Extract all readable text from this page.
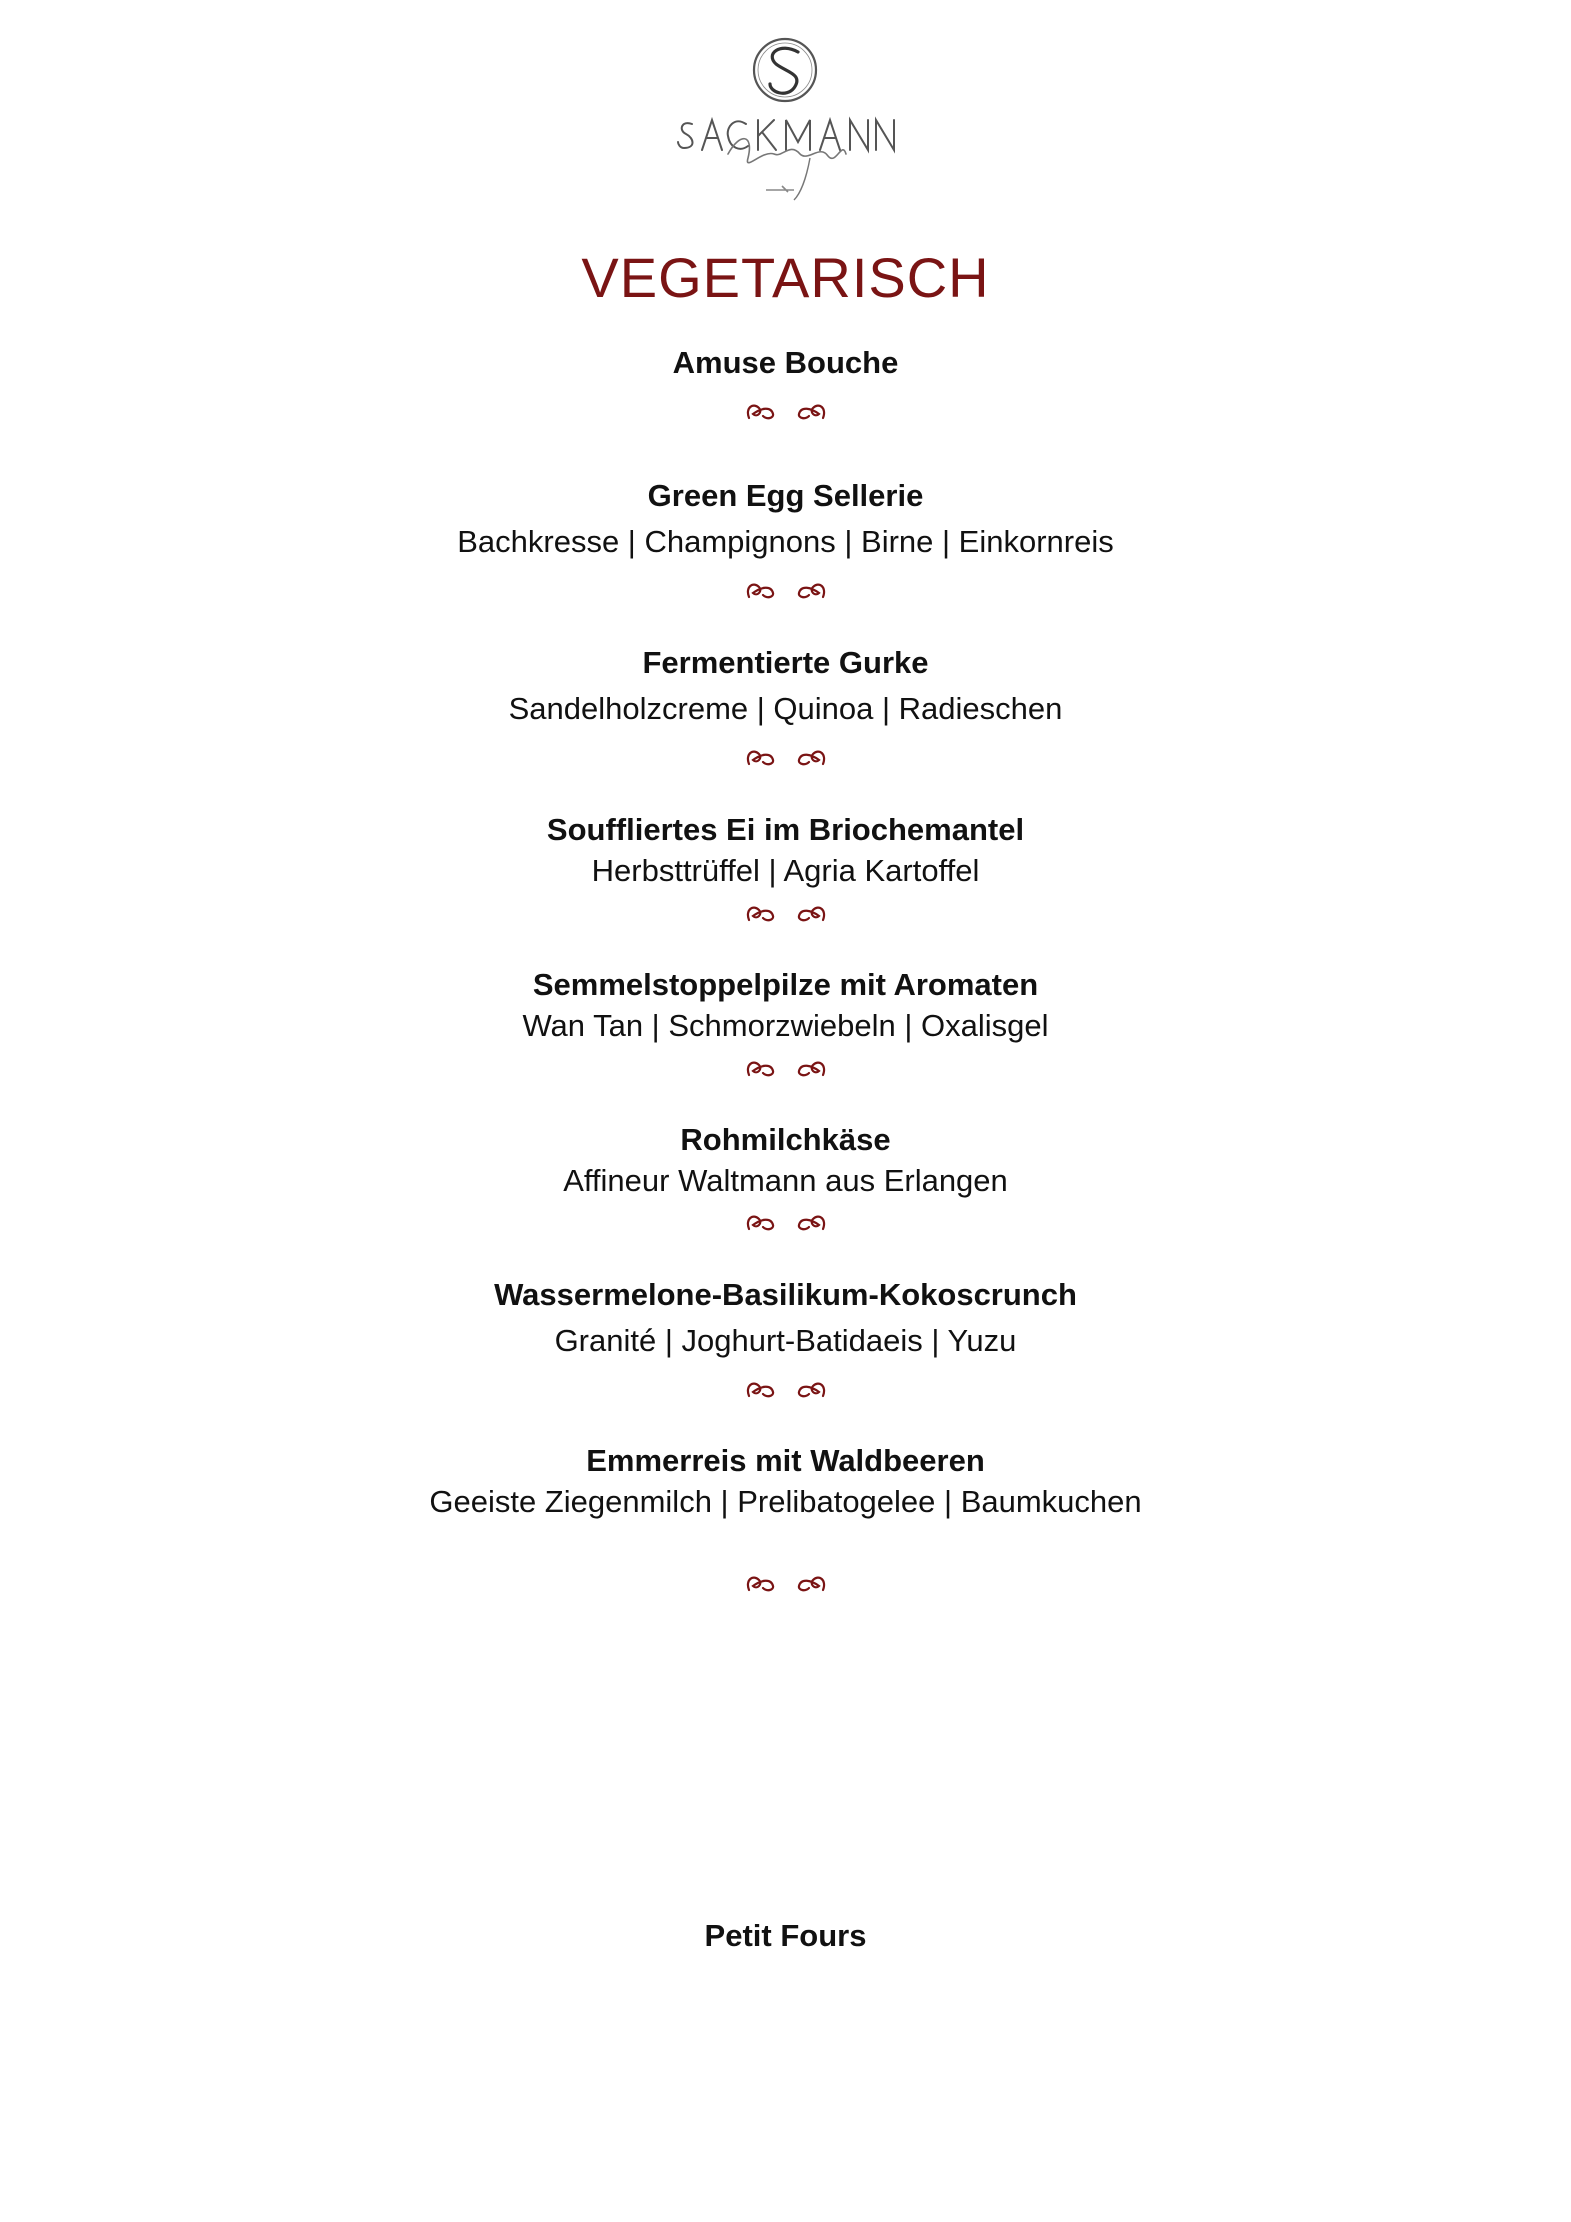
VEGETARISCH
Amuse Bouche
Green Egg Sellerie
Bachkresse | Champignons | Birne | Einkornreis
Fermentierte Gurke
Sandelholzcreme | Quinoa | Radieschen
Souffliertes Ei im Briochemantel
Herbsttrüffel | Agria Kartoffel
Semmelstoppelpilze mit Aromaten
Wan Tan | Schmorzwiebeln | Oxalisgel
Rohmilchkäse
Affineur Waltmann aus Erlangen
Wassermelone-Basilikum-Kokoscrunch
Granité | Joghurt-Batidaeis | Yuzu
Emmerreis mit Waldbeeren
Geeiste Ziegenmilch | Prelibatogelee | Baumkuchen
Petit Fours
